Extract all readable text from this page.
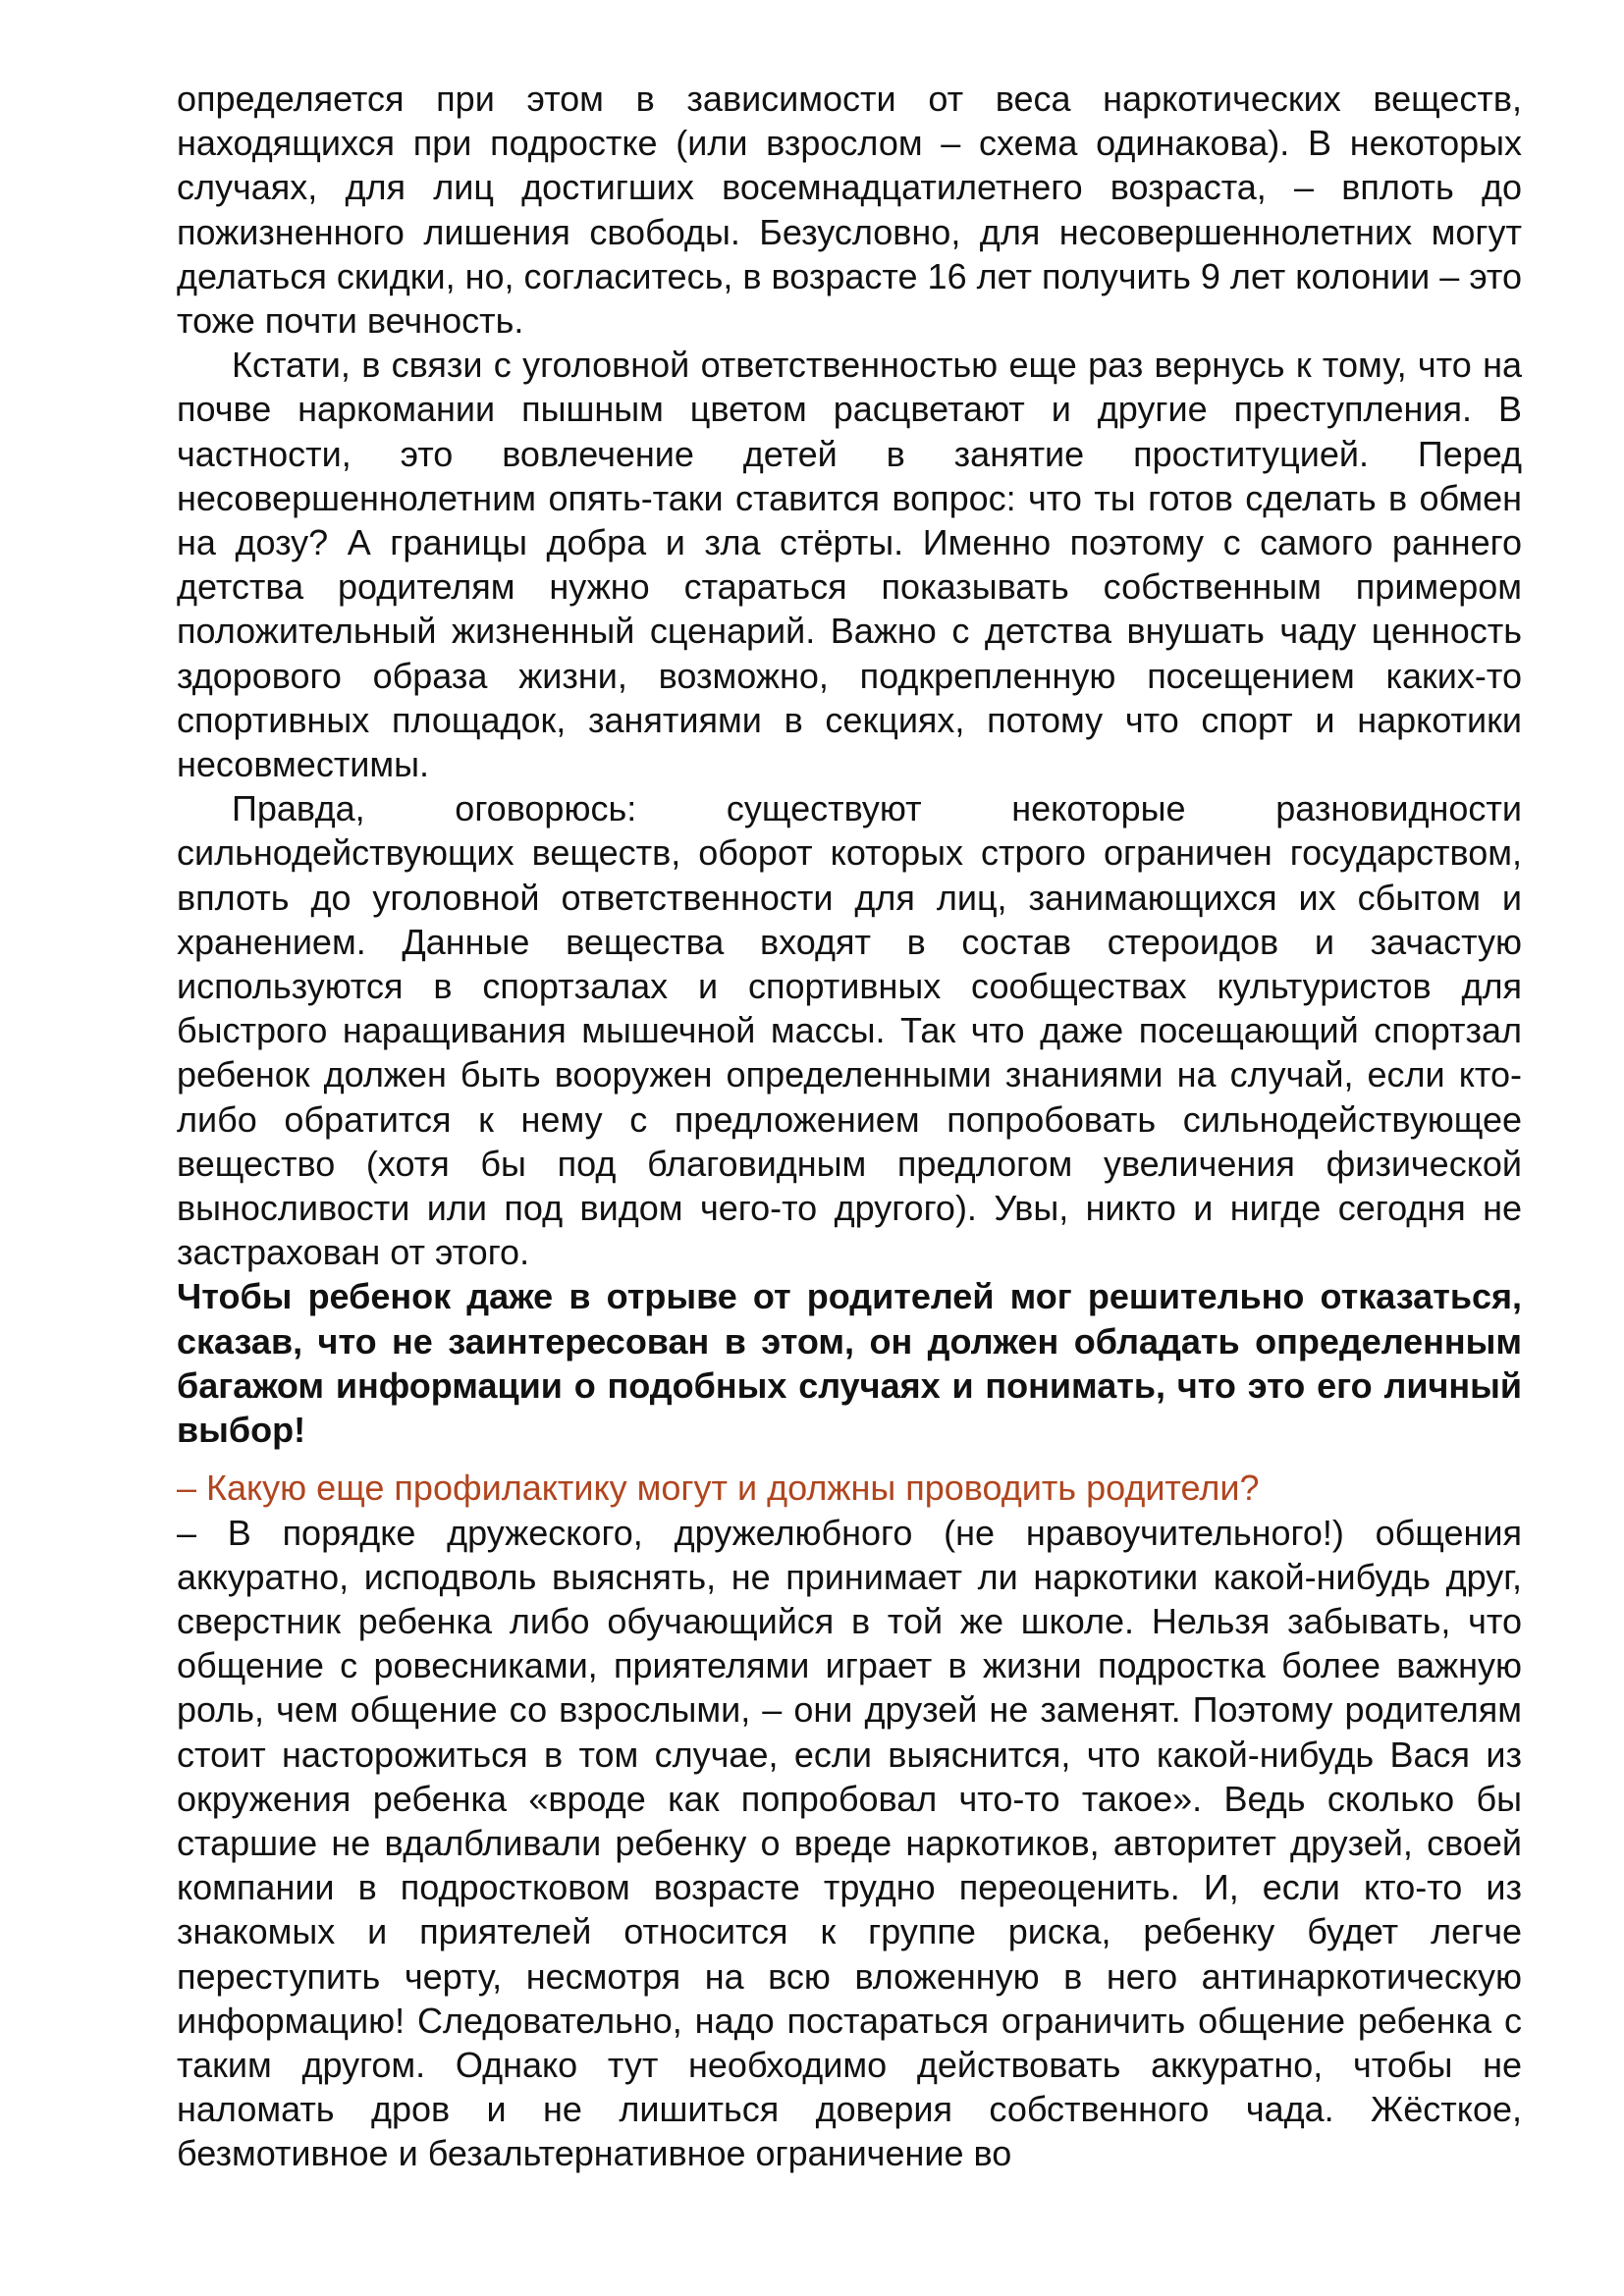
определяется при этом в зависимости от веса наркотических веществ, находящихся при подростке (или взрослом – схема одинакова). В некоторых случаях, для лиц достигших восемнадцатилетнего возраста, – вплоть до пожизненного лишения свободы. Безусловно, для несовершеннолетних могут делаться скидки, но, согласитесь, в возрасте 16 лет получить 9 лет колонии – это тоже почти вечность.

Кстати, в связи с уголовной ответственностью еще раз вернусь к тому, что на почве наркомании пышным цветом расцветают и другие преступления. В частности, это вовлечение детей в занятие проституцией. Перед несовершеннолетним опять-таки ставится вопрос: что ты готов сделать в обмен на дозу? А границы добра и зла стёрты. Именно поэтому с самого раннего детства родителям нужно стараться показывать собственным примером положительный жизненный сценарий. Важно с детства внушать чаду ценность здорового образа жизни, возможно, подкрепленную посещением каких-то спортивных площадок, занятиями в секциях, потому что спорт и наркотики несовместимы.

Правда, оговорюсь: существуют некоторые разновидности сильнодействующих веществ, оборот которых строго ограничен государством, вплоть до уголовной ответственности для лиц, занимающихся их сбытом и хранением. Данные вещества входят в состав стероидов и зачастую используются в спортзалах и спортивных сообществах культуристов для быстрого наращивания мышечной массы. Так что даже посещающий спортзал ребенок должен быть вооружен определенными знаниями на случай, если кто-либо обратится к нему с предложением попробовать сильнодействующее вещество (хотя бы под благовидным предлогом увеличения физической выносливости или под видом чего-то другого). Увы, никто и нигде сегодня не застрахован от этого.

Чтобы ребенок даже в отрыве от родителей мог решительно отказаться, сказав, что не заинтересован в этом, он должен обладать определенным багажом информации о подобных случаях и понимать, что это его личный выбор!

– Какую еще профилактику могут и должны проводить родители?

– В порядке дружеского, дружелюбного (не нравоучительного!) общения аккуратно, исподволь выяснять, не принимает ли наркотики какой-нибудь друг, сверстник ребенка либо обучающийся в той же школе. Нельзя забывать, что общение с ровесниками, приятелями играет в жизни подростка более важную роль, чем общение со взрослыми, – они друзей не заменят. Поэтому родителям стоит насторожиться в том случае, если выяснится, что какой-нибудь Вася из окружения ребенка «вроде как попробовал что-то такое». Ведь сколько бы старшие не вдалбливали ребенку о вреде наркотиков, авторитет друзей, своей компании в подростковом возрасте трудно переоценить. И, если кто-то из знакомых и приятелей относится к группе риска, ребенку будет легче переступить черту, несмотря на всю вложенную в него антинаркотическую информацию! Следовательно, надо постараться ограничить общение ребенка с таким другом. Однако тут необходимо действовать аккуратно, чтобы не наломать дров и не лишиться доверия собственного чада. Жёсткое, безмотивное и безальтернативное ограничение во
